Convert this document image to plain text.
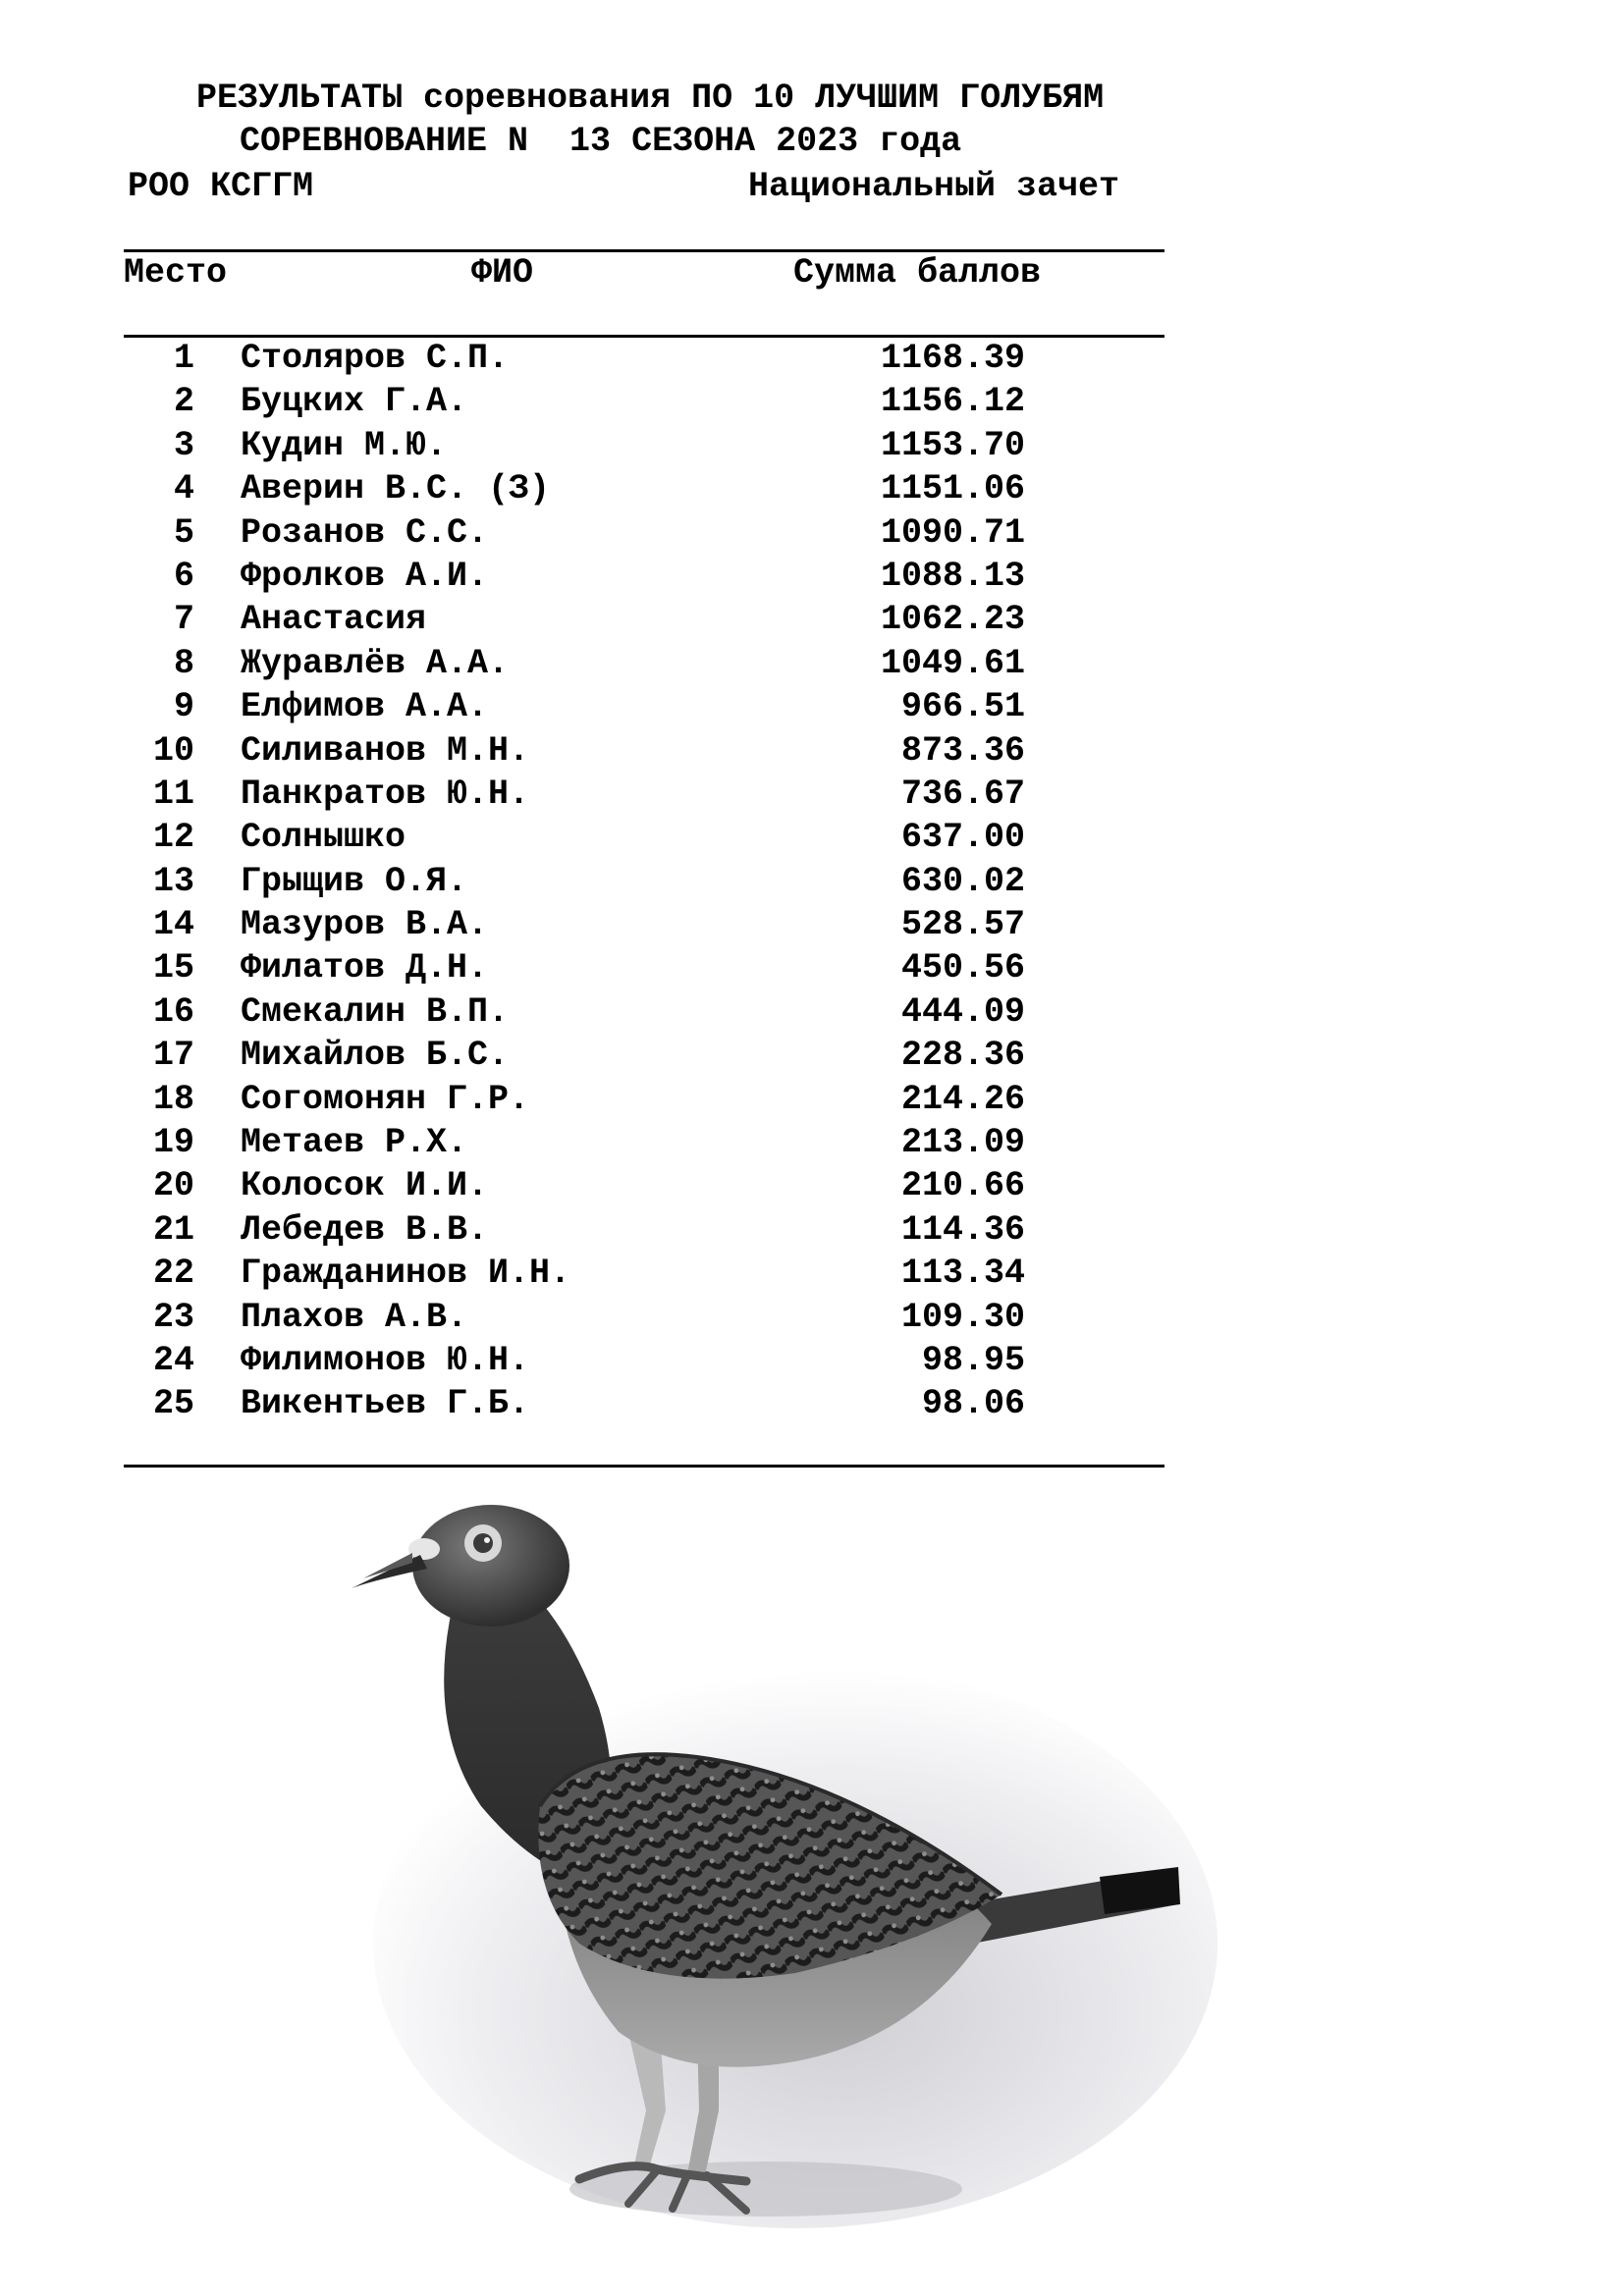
РЕЗУЛЬТАТЫ соревнования ПО 10 ЛУЧШИМ ГОЛУБЯМ
СОРЕВНОВАНИЕ N  13 СЕЗОНА 2023 года
РОО КСГГМ	Национальный зачет
Место	ФИО	Сумма баллов
1 Столяров С.П.	1168.39
2 Буцких Г.А.	1156.12
3 Кудин М.Ю.	1153.70
4 Аверин В.С. (З)	1151.06
5 Розанов С.С.	1090.71
6 Фролков А.И.	1088.13
7 Анастасия	1062.23
8 Журавлёв А.А.	1049.61
9 Елфимов А.А.	966.51
10 Силиванов М.Н.	873.36
11 Панкратов Ю.Н.	736.67
12 Солнышко	637.00
13 Грыщив О.Я.	630.02
14 Мазуров В.А.	528.57
15 Филатов Д.Н.	450.56
16 Смекалин В.П.	444.09
17 Михайлов Б.С.	228.36
18 Согомонян Г.Р.	214.26
19 Метаев Р.Х.	213.09
20 Колосок И.И.	210.66
21 Лебедев В.В.	114.36
22 Гражданинов И.Н.	113.34
23 Плахов А.В.	109.30
24 Филимонов Ю.Н.	98.95
25 Викентьев Г.Б.	98.06
